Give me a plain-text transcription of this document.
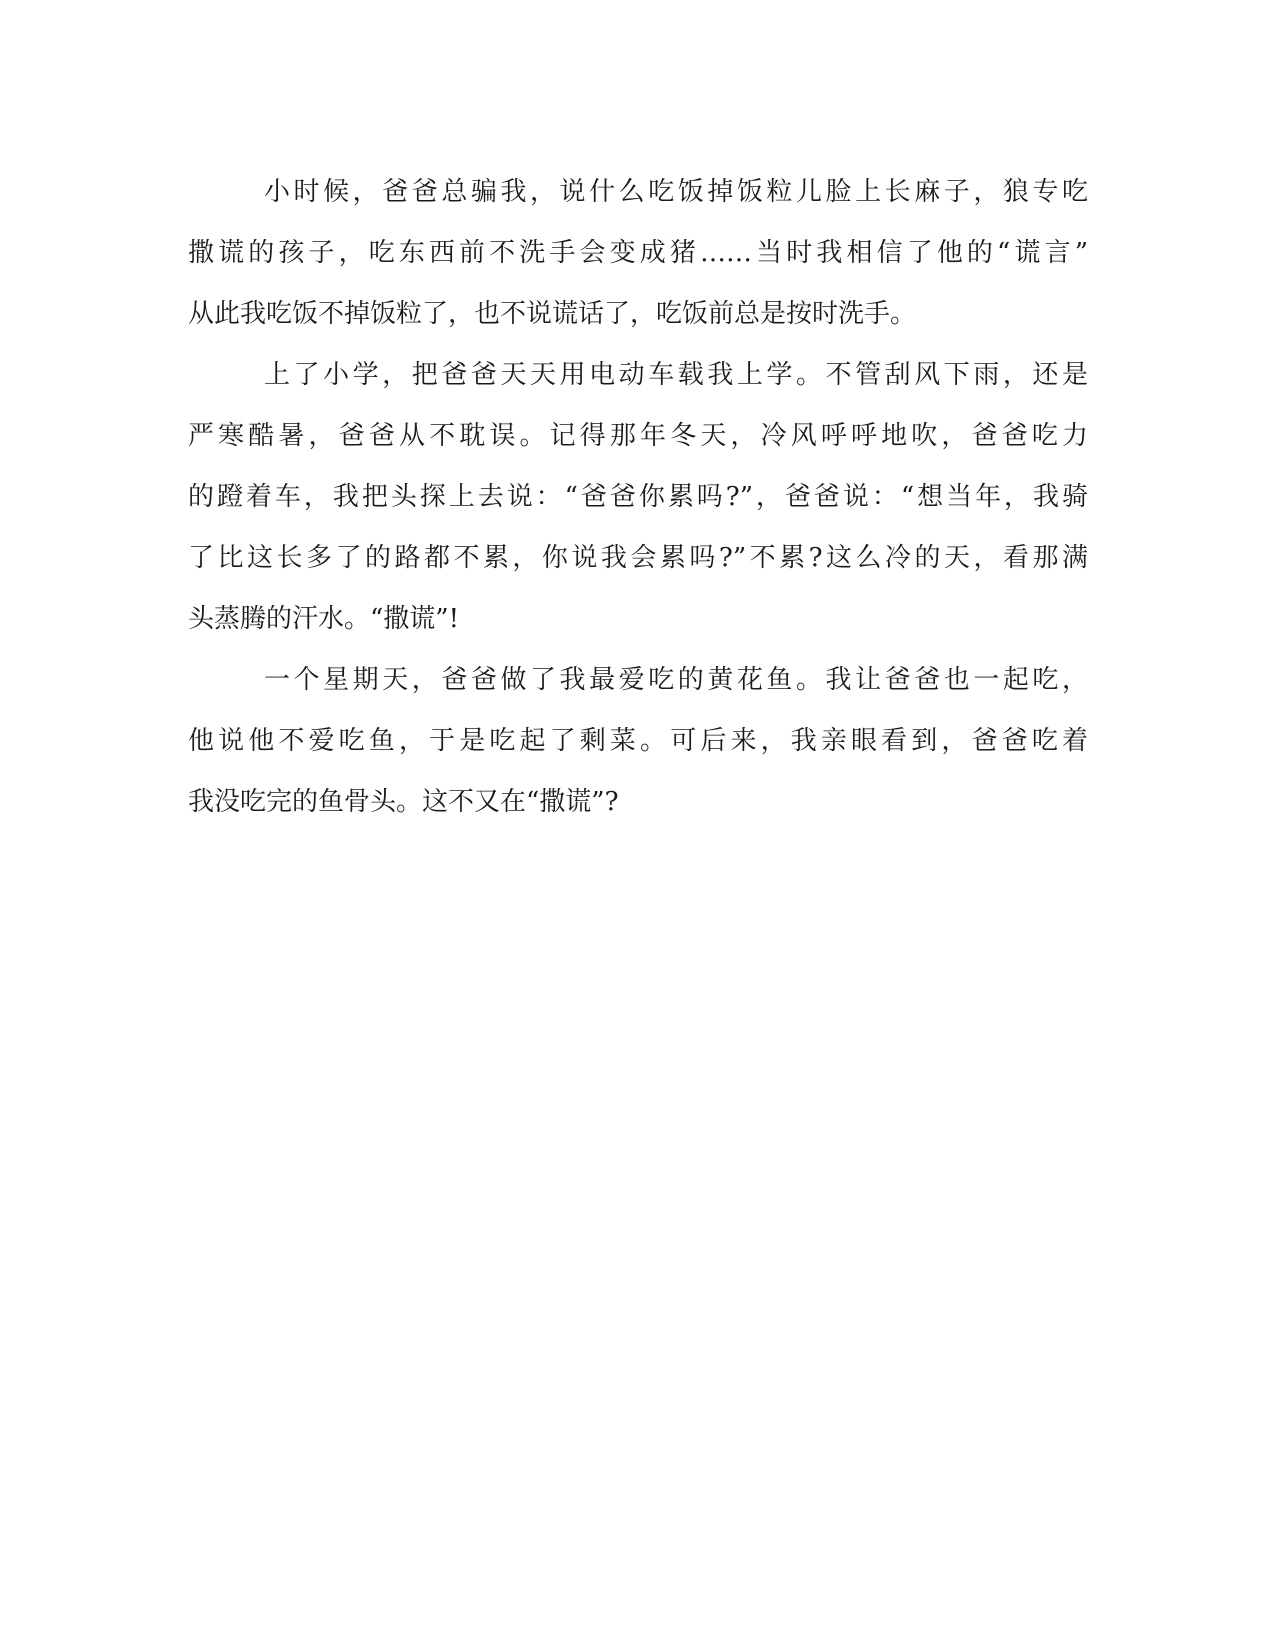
小时候，爸爸总骗我，说什么吃饭掉饭粒儿脸上长麻子，狼专吃
撒谎的孩子，吃东西前不洗手会变成猪……当时我相信了他的“谎言”
从此我吃饭不掉饭粒了，也不说谎话了，吃饭前总是按时洗手。
上了小学，把爸爸天天用电动车载我上学。不管刮风下雨，还是
严寒酷暑，爸爸从不耽误。记得那年冬天，冷风呼呼地吹，爸爸吃力
的蹬着车，我把头探上去说：“爸爸你累吗?”，爸爸说：“想当年，我骑
了比这长多了的路都不累，你说我会累吗?”不累?这么冷的天，看那满
头蒸腾的汗水。“撒谎”!
一个星期天，爸爸做了我最爱吃的黄花鱼。我让爸爸也一起吃，
他说他不爱吃鱼，于是吃起了剩菜。可后来，我亲眼看到，爸爸吃着
我没吃完的鱼骨头。这不又在“撒谎”?
